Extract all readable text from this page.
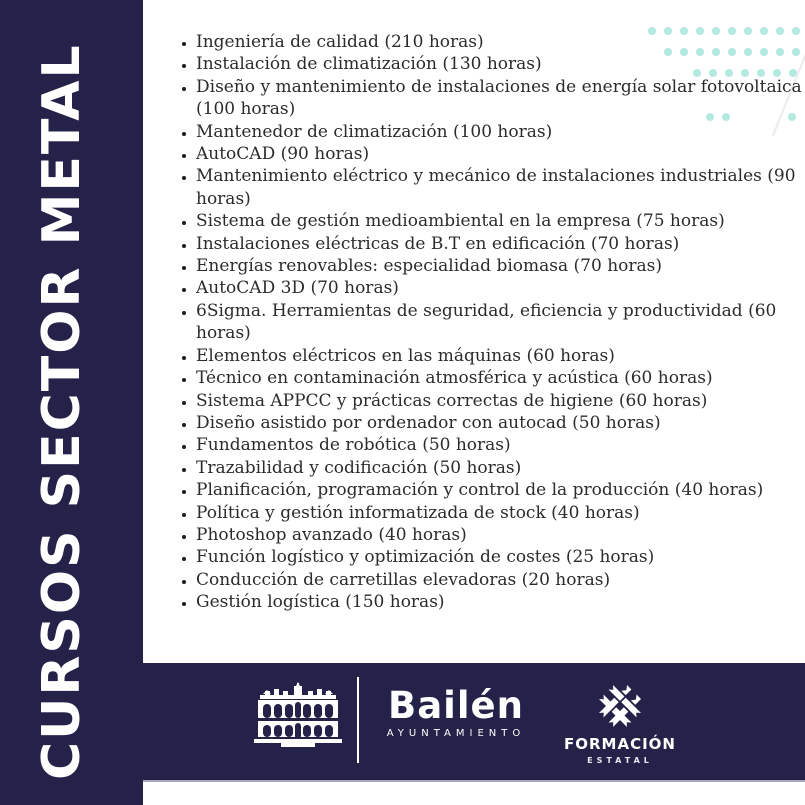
• Ingeniería de calidad (210 horas)
• Instalación de climatización (130 horas)
• Diseño y mantenimiento de instalaciones de energía solar fotovoltaica (100 horas)
• Mantenedor de climatización (100 horas)
• AutoCAD (90 horas)
• Mantenimiento eléctrico y mecánico de instalaciones industriales (90 horas)
• Sistema de gestión medioambiental en la empresa (75 horas)
• Instalaciones eléctricas de B.T en edificación (70 horas)
• Energías renovables: especialidad biomasa (70 horas)
• AutoCAD 3D (70 horas)
• 6Sigma. Herramientas de seguridad, eficiencia y productividad (60 horas)
• Elementos eléctricos en las máquinas (60 horas)
• Técnico en contaminación atmosférica y acústica (60 horas)
• Sistema APPCC y prácticas correctas de higiene (60 horas)
• Diseño asistido por ordenador con autocad (50 horas)
• Fundamentos de robótica (50 horas)
• Trazabilidad y codificación (50 horas)
• Planificación, programación y control de la producción (40 horas)
• Política y gestión informatizada de stock (40 horas)
• Photoshop avanzado (40 horas)
• Función logístico y optimización de costes (25 horas)
• Conducción de carretillas elevadoras (20 horas)
• Gestión logística (150 horas)
CURSOS SECTOR METAL	Bailén
AYUNTAMIENTO
FORMACIÓN
ESTATAL
